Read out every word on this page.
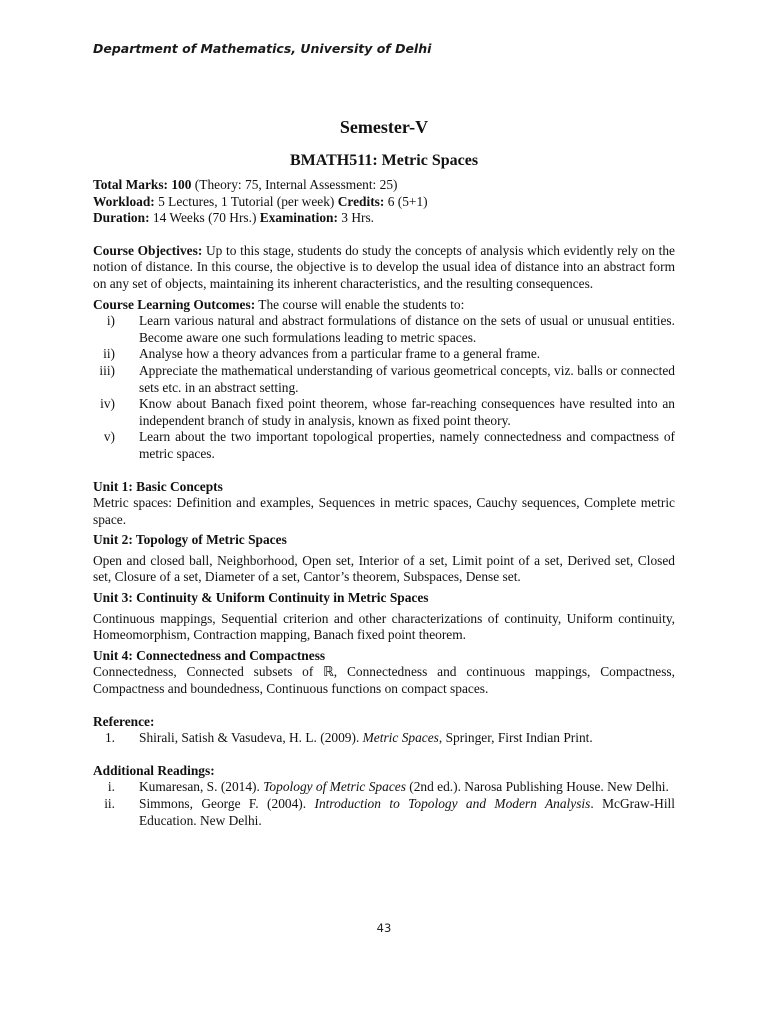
Department of Mathematics, University of Delhi

Semester-V

BMATH511: Metric Spaces

Total Marks: 100 (Theory: 75, Internal Assessment: 25)

Workload: 5 Lectures, 1 Tutorial (per week) Credits: 6 (5+1)

Duration: 14 Weeks (70 Hrs.) Examination: 3 Hrs.

Course Objectives: Up to this stage, students do study the concepts of analysis which evidently rely on the notion of distance. In this course, the objective is to develop the usual idea of distance into an abstract form on any set of objects, maintaining its inherent characteristics, and the resulting consequences.

Course Learning Outcomes: The course will enable the students to:

i)	Learn various natural and abstract formulations of distance on the sets of usual or unusual entities. Become aware one such formulations leading to metric spaces.
ii)	Analyse how a theory advances from a particular frame to a general frame.
iii)	Appreciate the mathematical understanding of various geometrical concepts, viz. balls or connected sets etc. in an abstract setting.
iv)	Know about Banach fixed point theorem, whose far-reaching consequences have resulted into an independent branch of study in analysis, known as fixed point theory.
v)	Learn about the two important topological properties, namely connectedness and compactness of metric spaces.

Unit 1: Basic Concepts

Metric spaces: Definition and examples, Sequences in metric spaces, Cauchy sequences, Complete metric space.

Unit 2: Topology of Metric Spaces

Open and closed ball, Neighborhood, Open set, Interior of a set, Limit point of a set, Derived set, Closed set, Closure of a set, Diameter of a set, Cantor’s theorem, Subspaces, Dense set.

Unit 3: Continuity & Uniform Continuity in Metric Spaces

Continuous mappings, Sequential criterion and other characterizations of continuity, Uniform continuity, Homeomorphism, Contraction mapping, Banach fixed point theorem.

Unit 4: Connectedness and Compactness

Connectedness, Connected subsets of ℝ, Connectedness and continuous mappings, Compactness, Compactness and boundedness, Continuous functions on compact spaces.

Reference:

1.	Shirali, Satish & Vasudeva, H. L. (2009). Metric Spaces, Springer, First Indian Print.

Additional Readings:

i.	Kumaresan, S. (2014). Topology of Metric Spaces (2nd ed.). Narosa Publishing House. New Delhi.
ii.	Simmons, George F. (2004). Introduction to Topology and Modern Analysis. McGraw-Hill Education. New Delhi.
43
